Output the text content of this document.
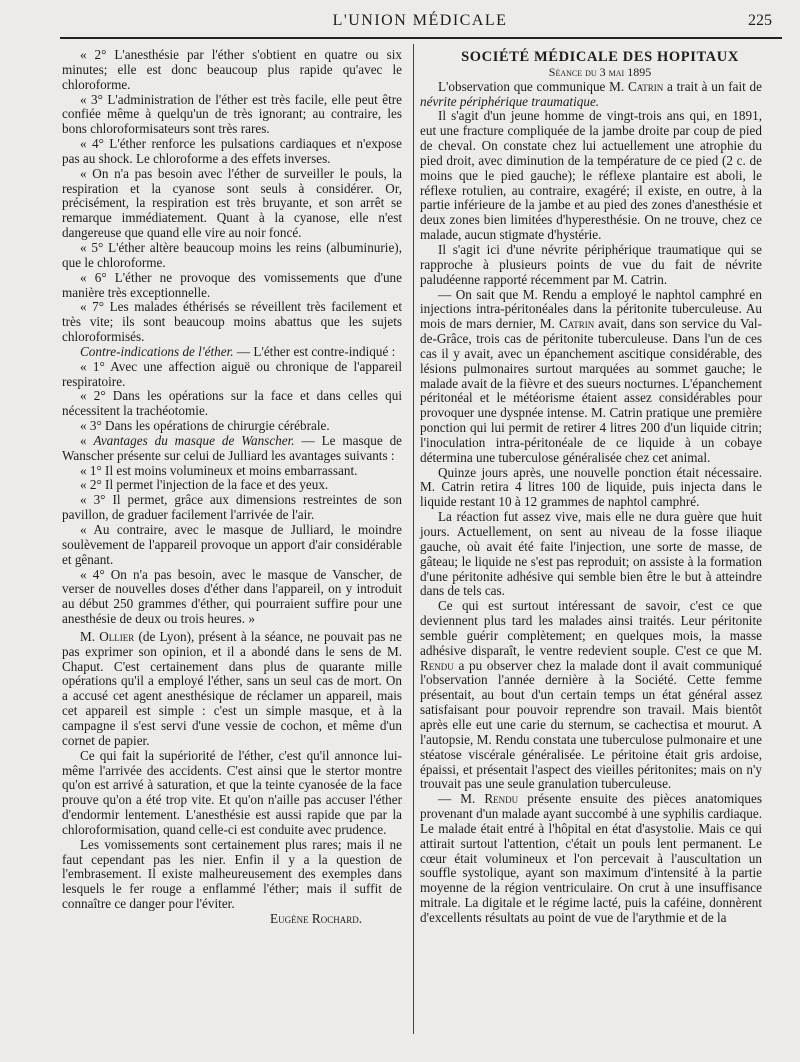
L'UNION MÉDICALE	225

« 2° L'anesthésie par l'éther s'obtient en quatre ou six minutes; elle est donc beaucoup plus rapide qu'avec le chloroforme.

« 3° L'administration de l'éther est très facile, elle peut être confiée même à quelqu'un de très ignorant; au contraire, les bons chloroformisateurs sont très rares.

« 4° L'éther renforce les pulsations cardiaques et n'expose pas au shock. Le chloroforme a des effets inverses.

« On n'a pas besoin avec l'éther de surveiller le pouls, la respiration et la cyanose sont seuls à considérer. Or, précisément, la respiration est très bruyante, et son arrêt se remarque immédiatement. Quant à la cyanose, elle n'est dangereuse que quand elle vire au noir foncé.

« 5° L'éther altère beaucoup moins les reins (albuminurie), que le chloroforme.

« 6° L'éther ne provoque des vomissements que d'une manière très exceptionnelle.

« 7° Les malades éthérisés se réveillent très facilement et très vite; ils sont beaucoup moins abattus que les sujets chloroformisés.

Contre-indications de l'éther. — L'éther est contre-indiqué :

« 1° Avec une affection aiguë ou chronique de l'appareil respiratoire.

« 2° Dans les opérations sur la face et dans celles qui nécessitent la trachéotomie.

« 3° Dans les opérations de chirurgie cérébrale.

« Avantages du masque de Wanscher. — Le masque de Wanscher présente sur celui de Julliard les avantages suivants :

« 1° Il est moins volumineux et moins embarrassant.

« 2° Il permet l'injection de la face et des yeux.

« 3° Il permet, grâce aux dimensions restreintes de son pavillon, de graduer facilement l'arrivée de l'air.

« Au contraire, avec le masque de Julliard, le moindre soulèvement de l'appareil provoque un apport d'air considérable et gênant.

« 4° On n'a pas besoin, avec le masque de Vanscher, de verser de nouvelles doses d'éther dans l'appareil, on y introduit au début 250 grammes d'éther, qui pourraient suffire pour une anesthésie de deux ou trois heures. »

M. Ollier (de Lyon), présent à la séance, ne pouvait pas ne pas exprimer son opinion, et il a abondé dans le sens de M. Chaput. C'est certainement dans plus de quarante mille opérations qu'il a employé l'éther, sans un seul cas de mort. On a accusé cet agent anesthésique de réclamer un appareil, mais cet appareil est simple : c'est un simple masque, et à la campagne il s'est servi d'une vessie de cochon, et même d'un cornet de papier.

Ce qui fait la supériorité de l'éther, c'est qu'il annonce lui-même l'arrivée des accidents. C'est ainsi que le stertor montre qu'on est arrivé à saturation, et que la teinte cyanosée de la face prouve qu'on a été trop vite. Et qu'on n'aille pas accuser l'éther d'endormir lentement. L'anesthésie est aussi rapide que par la chloroformisation, quand celle-ci est conduite avec prudence.

Les vomissements sont certainement plus rares; mais il ne faut cependant pas les nier. Enfin il y a la question de l'embrasement. Il existe malheureusement des exemples dans lesquels le fer rouge a enflammé l'éther; mais il suffit de connaître ce danger pour l'éviter.

Eugène Rochard.

SOCIÉTÉ MÉDICALE DES HOPITAUX

Séance du 3 mai 1895

L'observation que communique M. Catrin a trait à un fait de névrite périphérique traumatique.

Il s'agit d'un jeune homme de vingt-trois ans qui, en 1891, eut une fracture compliquée de la jambe droite par coup de pied de cheval. On constate chez lui actuellement une atrophie du pied droit, avec diminution de la température de ce pied (2 c. de moins que le pied gauche); le réflexe plantaire est aboli, le réflexe rotulien, au contraire, exagéré; il existe, en outre, à la partie inférieure de la jambe et au pied des zones d'anesthésie et deux zones bien limitées d'hyperesthésie. On ne trouve, chez ce malade, aucun stigmate d'hystérie.

Il s'agit ici d'une névrite périphérique traumatique qui se rapproche à plusieurs points de vue du fait de névrite paludéenne rapporté récemment par M. Catrin.

— On sait que M. Rendu a employé le naphtol camphré en injections intra-péritonéales dans la péritonite tuberculeuse. Au mois de mars dernier, M. Catrin avait, dans son service du Val-de-Grâce, trois cas de péritonite tuberculeuse. Dans l'un de ces cas il y avait, avec un épanchement ascitique considérable, des lésions pulmonaires surtout marquées au sommet gauche; le malade avait de la fièvre et des sueurs nocturnes. L'épanchement péritonéal et le météorisme étaient assez considérables pour provoquer une dyspnée intense. M. Catrin pratique une première ponction qui lui permit de retirer 4 litres 200 d'un liquide citrin; l'inoculation intra-péritonéale de ce liquide à un cobaye détermina une tuberculose généralisée chez cet animal.

Quinze jours après, une nouvelle ponction était nécessaire. M. Catrin retira 4 litres 100 de liquide, puis injecta dans le liquide restant 10 à 12 grammes de naphtol camphré.

La réaction fut assez vive, mais elle ne dura guère que huit jours. Actuellement, on sent au niveau de la fosse iliaque gauche, où avait été faite l'injection, une sorte de masse, de gâteau; le liquide ne s'est pas reproduit; on assiste à la formation d'une péritonite adhésive qui semble bien être le but à atteindre dans de tels cas.

Ce qui est surtout intéressant de savoir, c'est ce que deviennent plus tard les malades ainsi traités. Leur péritonite semble guérir complètement; en quelques mois, la masse adhésive disparaît, le ventre redevient souple. C'est ce que M. Rendu a pu observer chez la malade dont il avait communiqué l'observation l'année dernière à la Société. Cette femme présentait, au bout d'un certain temps un état général assez satisfaisant pour pouvoir reprendre son travail. Mais bientôt après elle eut une carie du sternum, se cachectisa et mourut. A l'autopsie, M. Rendu constata une tuberculose pulmonaire et une stéatose viscérale généralisée. Le péritoine était gris ardoise, épaissi, et présentait l'aspect des vieilles péritonites; mais on n'y trouvait pas une seule granulation tuberculeuse.

— M. Rendu présente ensuite des pièces anatomiques provenant d'un malade ayant succombé à une syphilis cardiaque. Le malade était entré à l'hôpital en état d'asystolie. Mais ce qui attirait surtout l'attention, c'était un pouls lent permanent. Le cœur était volumineux et l'on percevait à l'auscultation un souffle systolique, ayant son maximum d'intensité à la partie moyenne de la région ventriculaire. On crut à une insuffisance mitrale. La digitale et le régime lacté, puis la caféine, donnèrent d'excellents résultats au point de vue de l'arythmie et de la
